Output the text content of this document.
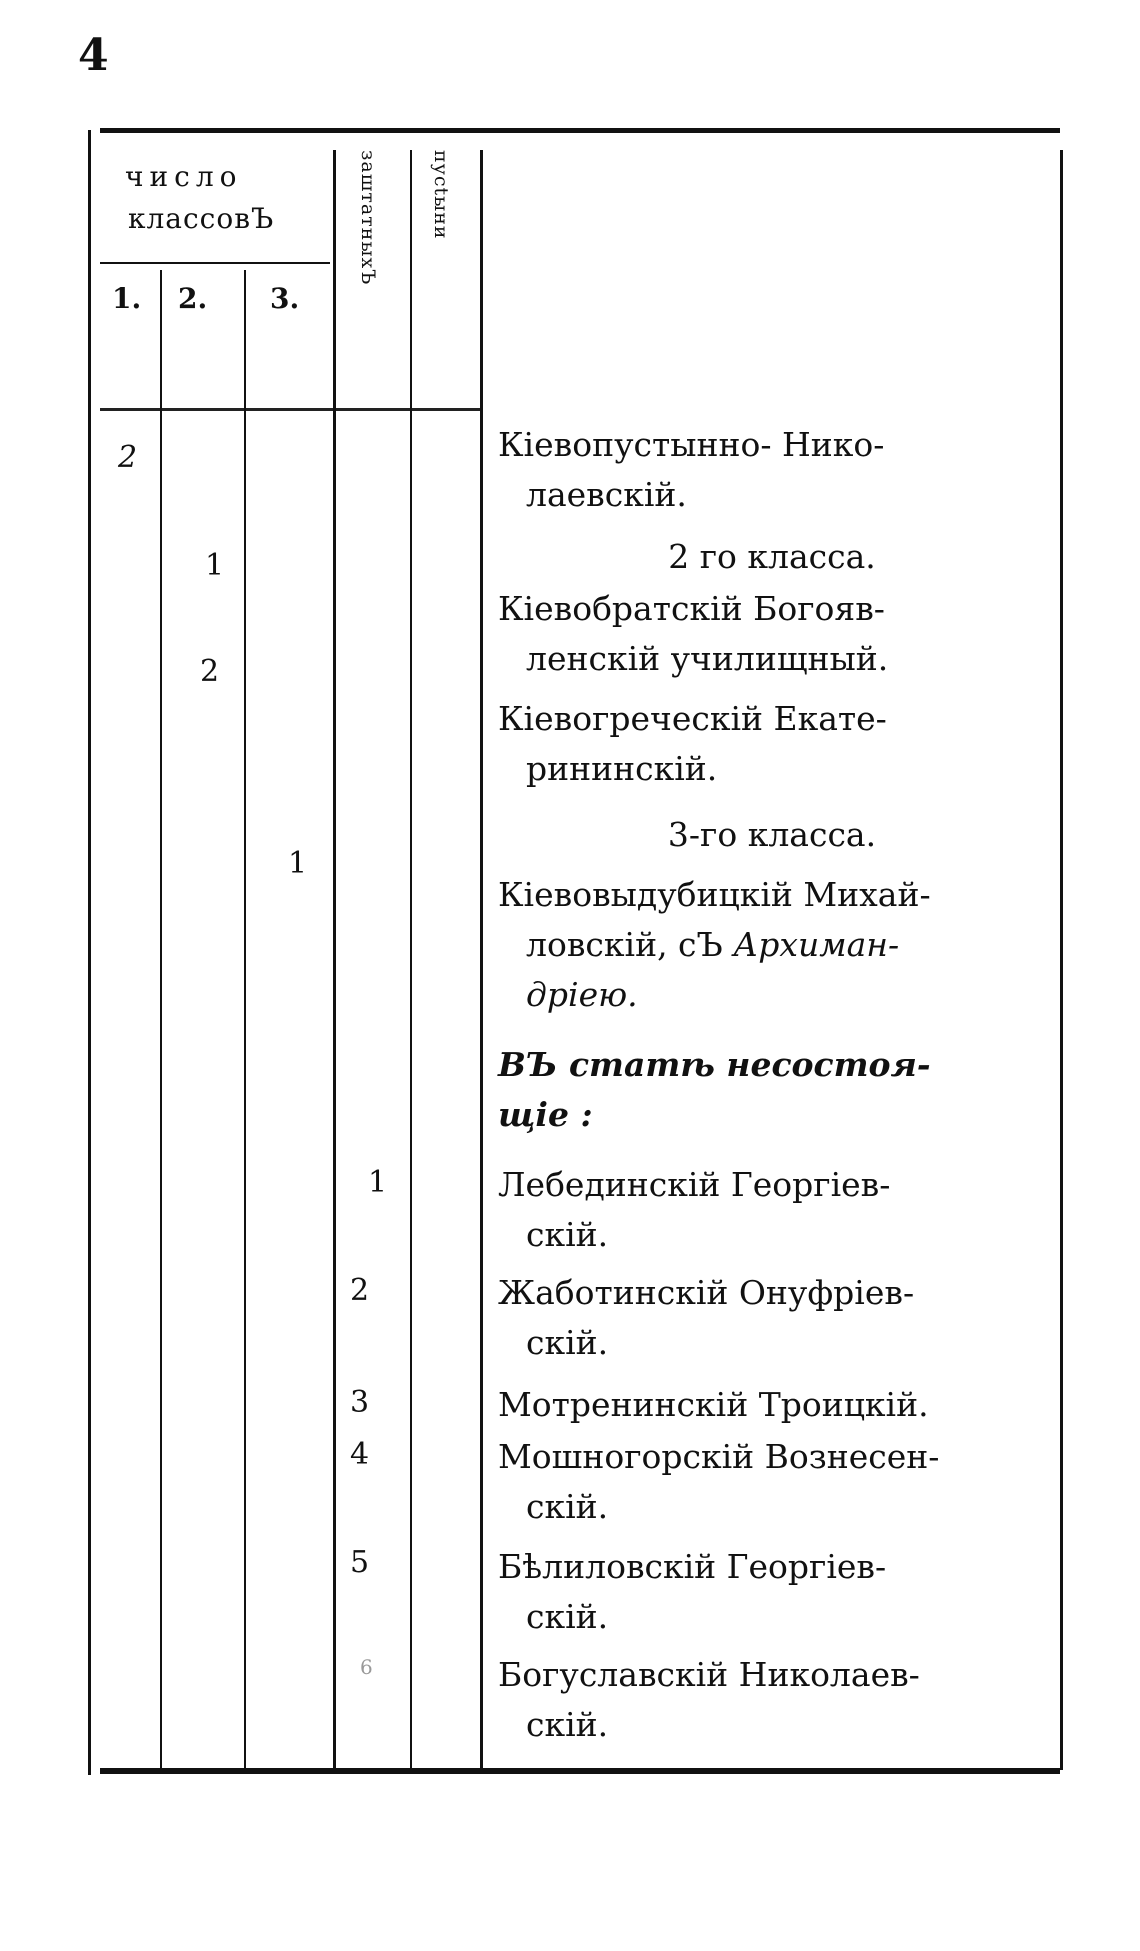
4
число
классовЪ
1. 2. 3.
заштатныхЪ	пусtыни
2
1
2
1
1
2
3
4
5
6
Кіевопустынно- Нико-
лаевскій.
2 го класса.
Кіевобратскій Богояв-
ленскій училищный.
Кіевогреческій Екате-
рининскій.
3-го класса.
Кіевовыдубицкій Михай-
ловскій, сЪ Архиман-
дріею.
ВЪ статѣ несостоя-
щіе :
Лебединскій Георгіев-
скій.
Жаботинскій Онуфріев-
скій.
Мотренинскій Троицкій.
Мошногорскій Вознесен-
скій.
Бѣлиловскій Георгіев-
скій.
Богуславскій Николаев-
скій.
